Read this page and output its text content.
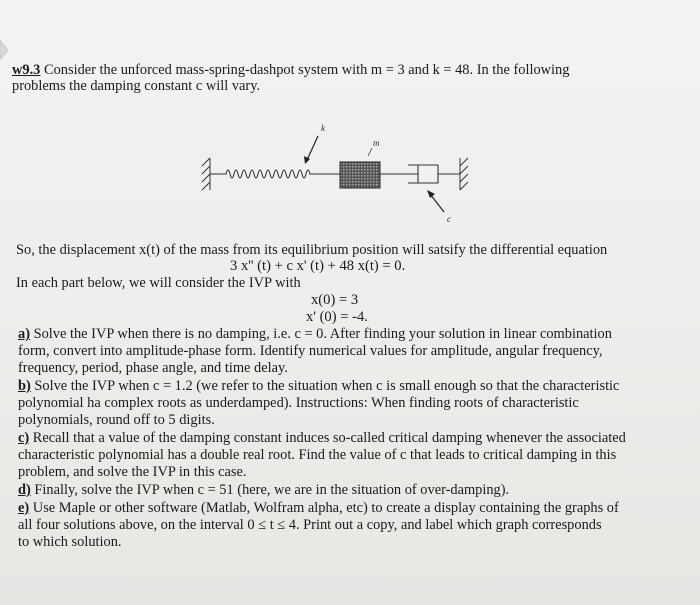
w9.3 Consider the unforced mass-spring-dashpot system with m = 3 and k = 48. In the following
problems the damping constant c will vary.
k
m
c
So, the displacement x(t) of the mass from its equilibrium position will satsify the differential equation
3 x'' (t) + c x' (t) + 48 x(t) = 0.
In each part below, we will consider the IVP with
x(0) = 3
x' (0) = -4.
a) Solve the IVP when there is no damping, i.e. c = 0. After finding your solution in linear combination
form, convert into amplitude-phase form. Identify numerical values for amplitude, angular frequency,
frequency, period, phase angle, and time delay.
b) Solve the IVP when c = 1.2 (we refer to the situation when c is small enough so that the characteristic
polynomial ha complex roots as underdamped). Instructions: When finding roots of characteristic
polynomials, round off to 5 digits.
c) Recall that a value of the damping constant induces so-called critical damping whenever the associated
characteristic polynomial has a double real root. Find the value of c that leads to critical damping in this
problem, and solve the IVP in this case.
d) Finally, solve the IVP when c = 51 (here, we are in the situation of over-damping).
e) Use Maple or other software (Matlab, Wolfram alpha, etc) to create a display containing the graphs of
all four solutions above, on the interval 0 ≤ t ≤ 4. Print out a copy, and label which graph corresponds
to which solution.
